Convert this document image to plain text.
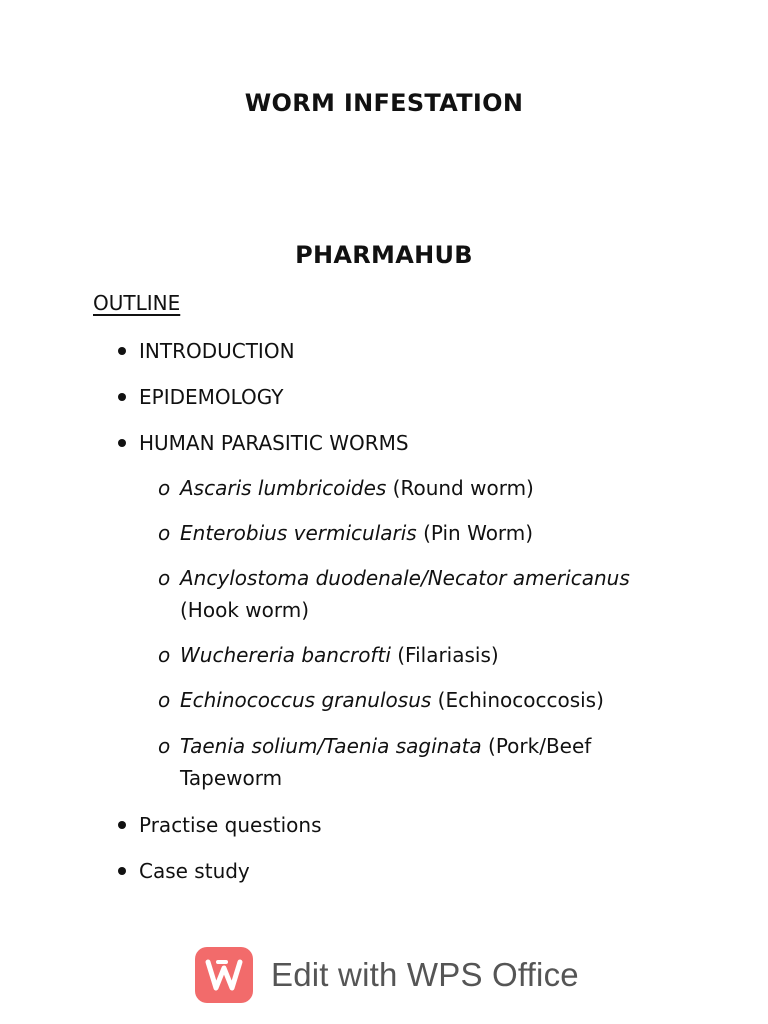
WORM INFESTATION
PHARMAHUB
OUTLINE
INTRODUCTION
EPIDEMOLOGY
HUMAN PARASITIC WORMS
o Ascaris lumbricoides (Round worm)
o Enterobius vermicularis (Pin Worm)
o Ancylostoma duodenale/Necator americanus (Hook worm)
o Wuchereria bancrofti (Filariasis)
o Echinococcus granulosus (Echinococcosis)
o Taenia solium/Taenia saginata (Pork/Beef Tapeworm
Practise questions
Case study
Edit with WPS Office
